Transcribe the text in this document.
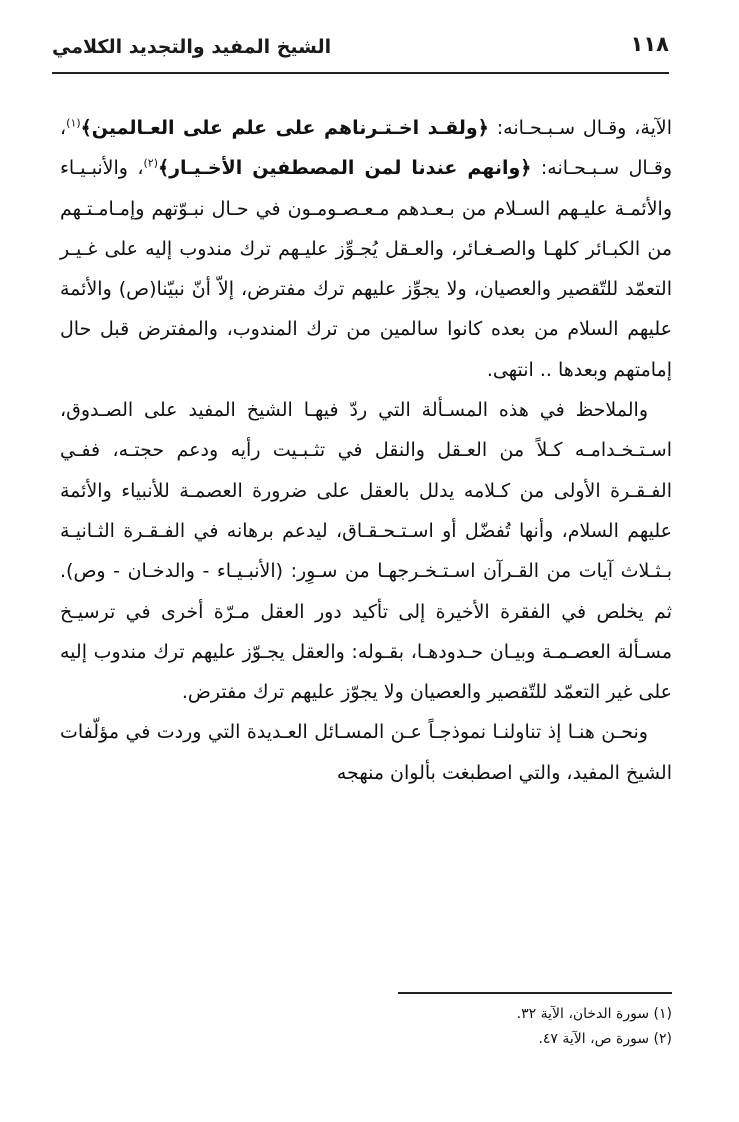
١١٨
الشيخ المفيد والتجديد الكلامي

الآية، وقـال سـبـحـانه: ﴿ولقـد اخـتـرناهم على علم على العـالمين﴾$^{(١)}$، وقـال سـبـحـانه: ﴿وانهم عندنا لمن المصطفين الأخـيـار﴾$^{(٢)}$، والأنبـيـاء والأئمـة عليـهم السـلام من بـعـدهم مـعـصـومـون في حـال نبـوّتهم وإمـامـتـهم من الكبـائر كلهـا والصـغـائر، والعـقل يُجـوِّز عليـهم ترك مندوب إليه على غـيـر التعمّد للتّقصير والعصيان، ولا يجوِّز عليهم ترك مفترض، إلاّ أنّ نبيّنا(ص) والأئمة عليهم السلام من بعده كانوا سالمين من ترك المندوب، والمفترض قبل حال إمامتهم وبعدها .. انتهى.

والملاحظ في هذه المسـألة التي ردّ فيهـا الشيخ المفيد على الصـدوق، اسـتـخـدامـه كـلاً من العـقل والنقل في تثـبـيت رأيه ودعم حجتـه، ففـي الفـقـرة الأولى من كـلامه يدلل بالعقل على ضرورة العصمـة للأنبياء والأئمة عليهم السلام، وأنها تُفضّل أو اسـتـحـقـاق، ليدعم برهانه في الفـقـرة الثـانيـة بـثـلاث آيات من القـرآن اسـتـخـرجهـا من سـوِر: (الأنبـيـاء - والدخـان - وص). ثم يخلص في الفقرة الأخيرة إلى تأكيد دور العقل مـرّة أخرى في ترسيـخ مسـألة العصـمـة وبيـان حـدودهـا، بقـوله: والعقل يجـوّز عليهم ترك مندوب إليه على غير التعمّد للتّقصير والعصيان ولا يجوّز عليهم ترك مفترض.

ونحـن هنـا إذ تناولنـا نموذجـاً عـن المسـائل العـديدة التي وردت في مؤلّفات الشيخ المفيد، والتي اصطبغت بألوان منهجه

(١) سورة الدخان، الآية ٣٢.
(٢) سورة ص، الآية ٤٧.
